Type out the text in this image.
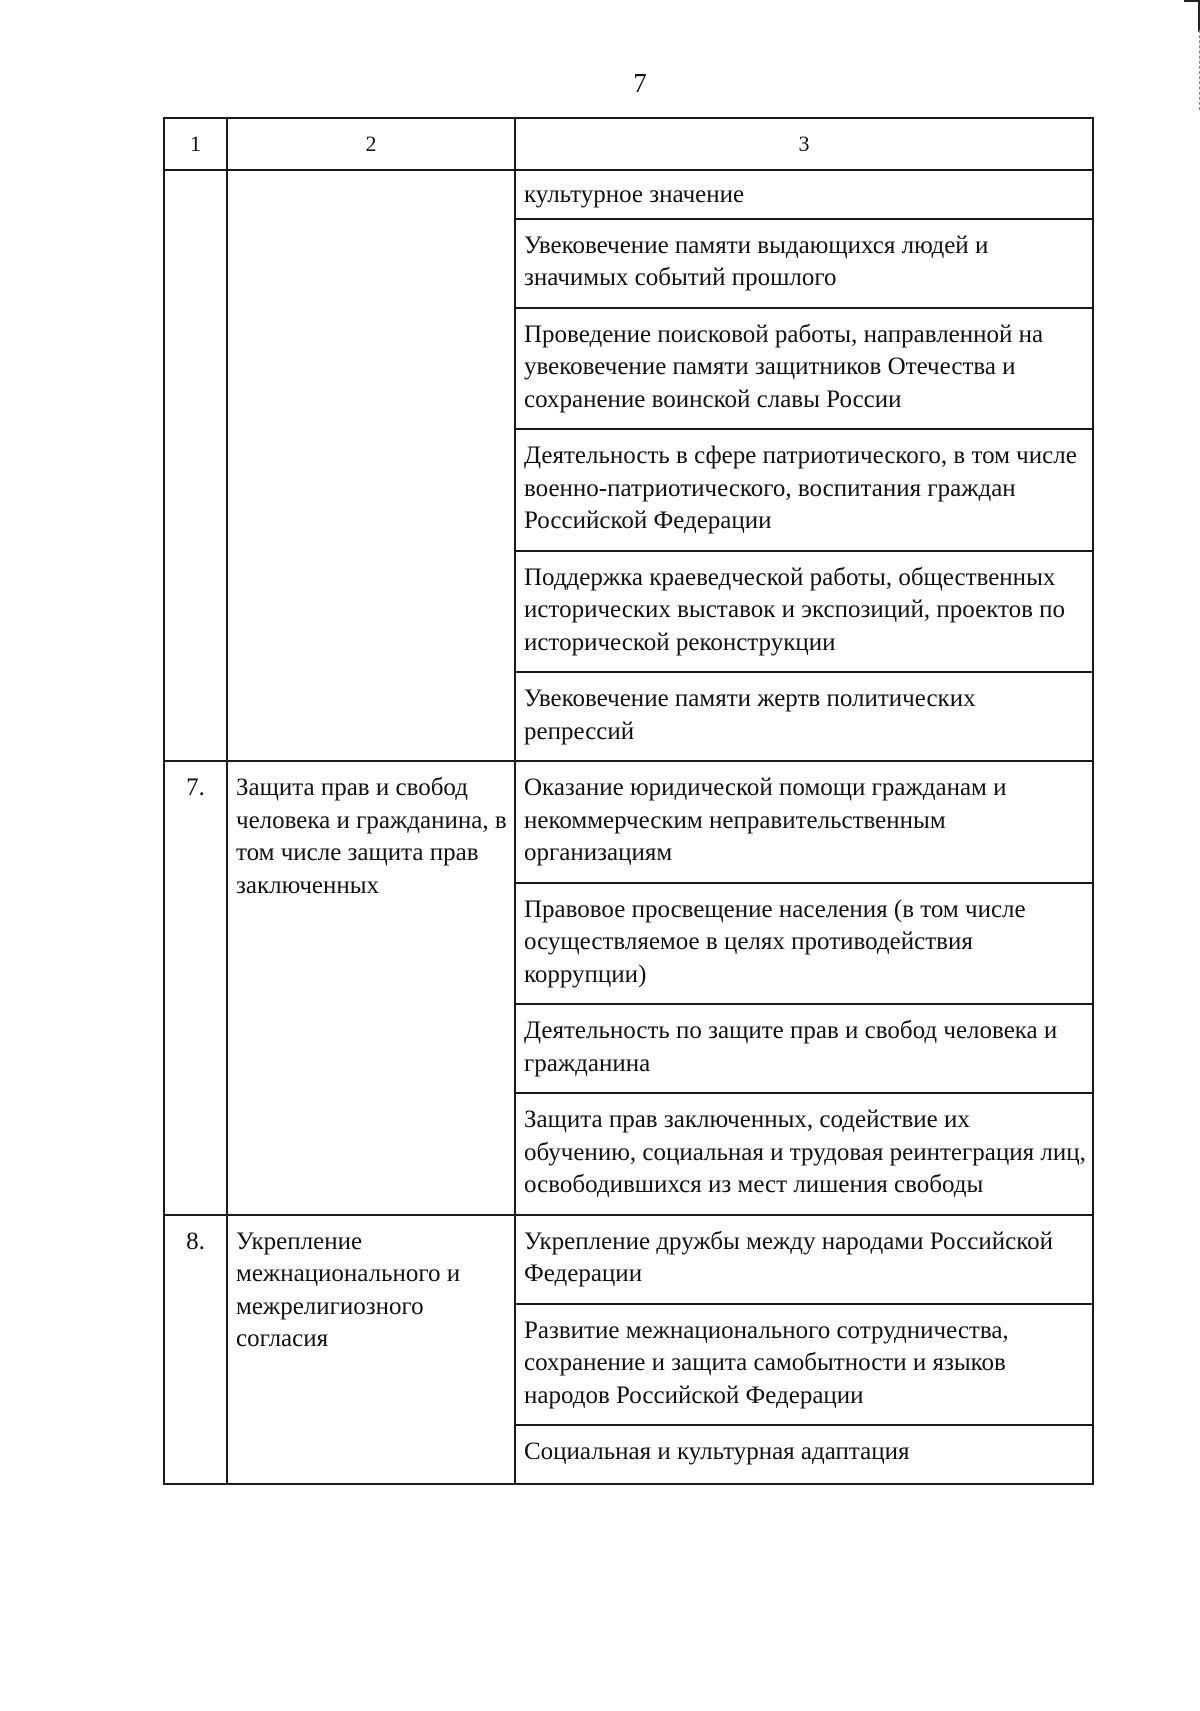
7
1	2	3
		культурное значение
		Увековечение памяти выдающихся людей и значимых событий прошлого
		Проведение поисковой работы, направленной на увековечение памяти защитников Отечества и сохранение воинской славы России
		Деятельность в сфере патриотического, в том числе военно-патриотического, воспитания граждан Российской Федерации
		Поддержка краеведческой работы, общественных исторических выставок и экспозиций, проектов по исторической реконструкции
		Увековечение памяти жертв политических репрессий
7.	Защита прав и свобод человека и гражданина, в том числе защита прав заключенных	Оказание юридической помощи гражданам и некоммерческим неправительственным организациям
		Правовое просвещение населения (в том числе осуществляемое в целях противодействия коррупции)
		Деятельность по защите прав и свобод человека и гражданина
		Защита прав заключенных, содействие их обучению, социальная и трудовая реинтеграция лиц, освободившихся из мест лишения свободы
8.	Укрепление межнационального и межрелигиозного согласия	Укрепление дружбы между народами Российской Федерации
		Развитие межнационального сотрудничества, сохранение и защита самобытности и языков народов Российской Федерации
		Социальная и культурная адаптация
